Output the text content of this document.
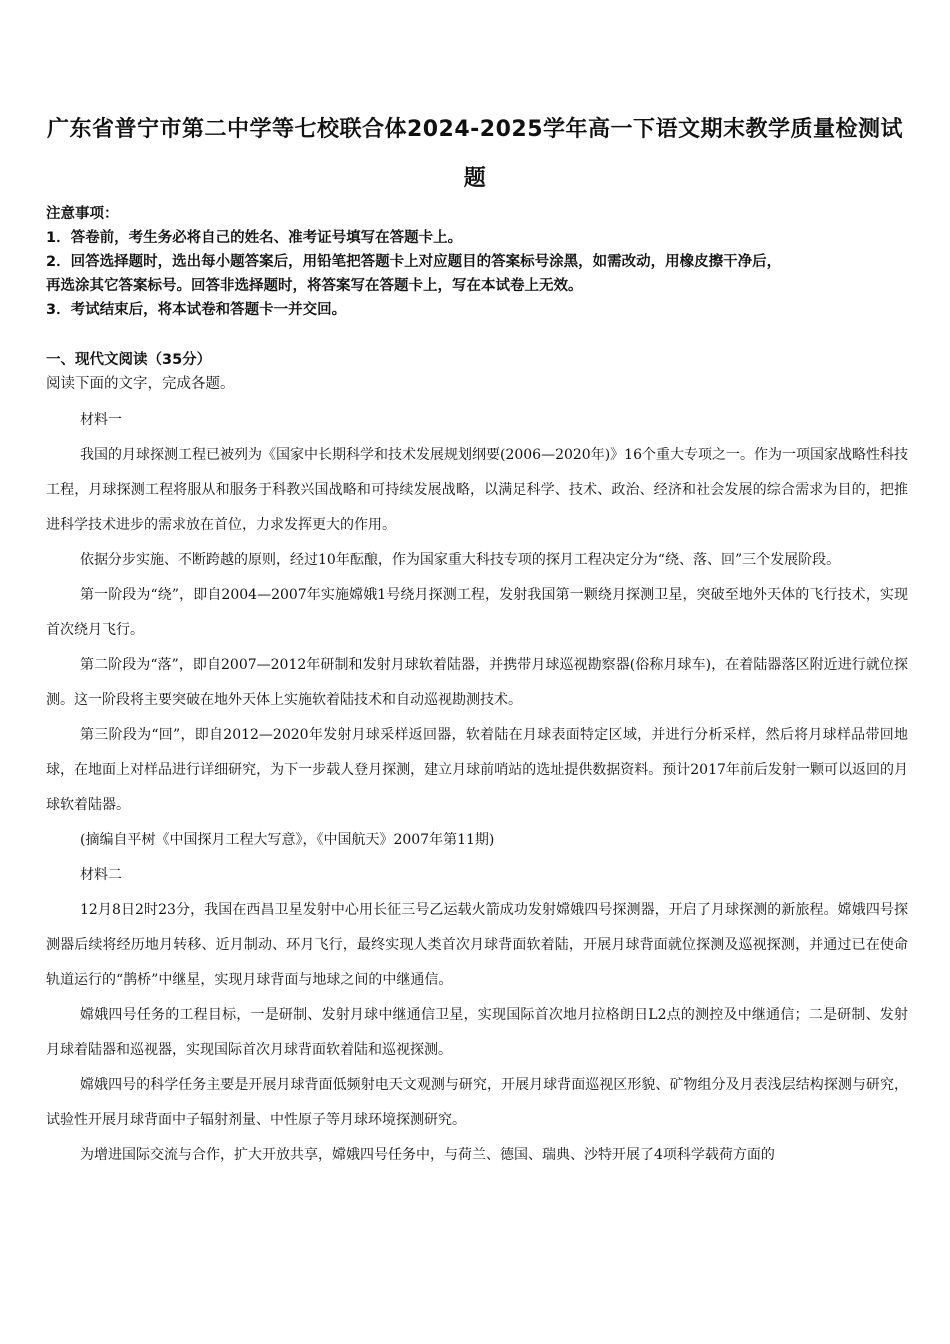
广东省普宁市第二中学等七校联合体2024-2025学年高一下语文期末教学质量检测试
题
注意事项：
1．答卷前，考生务必将自己的姓名、准考证号填写在答题卡上。
2．回答选择题时，选出每小题答案后，用铅笔把答题卡上对应题目的答案标号涂黑，如需改动，用橡皮擦干净后，
再选涂其它答案标号。回答非选择题时，将答案写在答题卡上，写在本试卷上无效。
3．考试结束后，将本试卷和答题卡一并交回。
一、现代文阅读（35分）
阅读下面的文字，完成各题。

材料一

我国的月球探测工程已被列为《国家中长期科学和技术发展规划纲要(2006—2020年)》16个重大专项之一。作为一项国家战略性科技工程，月球探测工程将服从和服务于科教兴国战略和可持续发展战略，以满足科学、技术、政治、经济和社会发展的综合需求为目的，把推进科学技术进步的需求放在首位，力求发挥更大的作用。

依据分步实施、不断跨越的原则，经过10年酝酿，作为国家重大科技专项的探月工程决定分为“绕、落、回”三个发展阶段。

第一阶段为“绕”，即自2004—2007年实施嫦娥1号绕月探测工程，发射我国第一颗绕月探测卫星，突破至地外天体的飞行技术，实现首次绕月飞行。

第二阶段为“落”，即自2007—2012年研制和发射月球软着陆器，并携带月球巡视勘察器(俗称月球车)，在着陆器落区附近进行就位探测。这一阶段将主要突破在地外天体上实施软着陆技术和自动巡视勘测技术。

第三阶段为“回”，即自2012—2020年发射月球采样返回器，软着陆在月球表面特定区域，并进行分析采样，然后将月球样品带回地球，在地面上对样品进行详细研究，为下一步载人登月探测，建立月球前哨站的选址提供数据资料。预计2017年前后发射一颗可以返回的月球软着陆器。

(摘编自平树《中国探月工程大写意》，《中国航天》2007年第11期)

材料二

12月8日2时23分，我国在西昌卫星发射中心用长征三号乙运载火箭成功发射嫦娥四号探测器，开启了月球探测的新旅程。嫦娥四号探测器后续将经历地月转移、近月制动、环月飞行，最终实现人类首次月球背面软着陆，开展月球背面就位探测及巡视探测，并通过已在使命轨道运行的“鹊桥”中继星，实现月球背面与地球之间的中继通信。

嫦娥四号任务的工程目标，一是研制、发射月球中继通信卫星，实现国际首次地月拉格朗日L2点的测控及中继通信；二是研制、发射月球着陆器和巡视器，实现国际首次月球背面软着陆和巡视探测。

嫦娥四号的科学任务主要是开展月球背面低频射电天文观测与研究，开展月球背面巡视区形貌、矿物组分及月表浅层结构探测与研究，试验性开展月球背面中子辐射剂量、中性原子等月球环境探测研究。

为增进国际交流与合作，扩大开放共享，嫦娥四号任务中，与荷兰、德国、瑞典、沙特开展了4项科学载荷方面的
